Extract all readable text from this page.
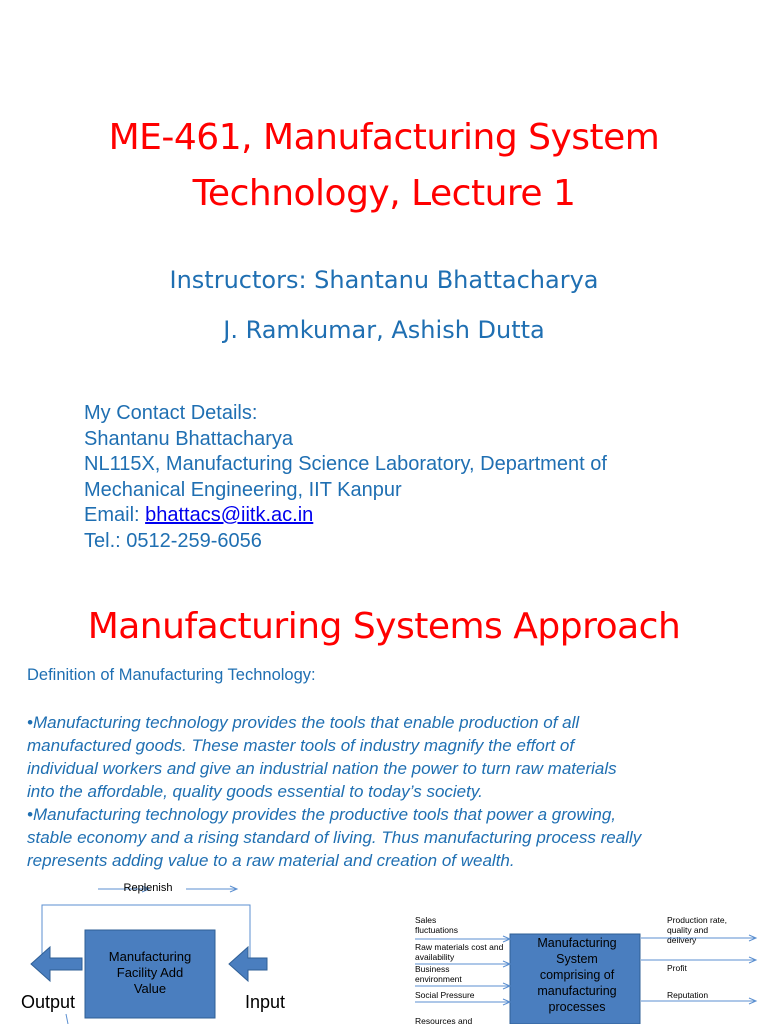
ME-461, Manufacturing System
Technology, Lecture 1
Instructors: Shantanu Bhattacharya
J. Ramkumar, Ashish Dutta
My Contact Details:
Shantanu Bhattacharya
NL115X, Manufacturing Science Laboratory, Department of
Mechanical Engineering, IIT Kanpur
Email: bhattacs@iitk.ac.in
Tel.: 0512-259-6056
Manufacturing Systems Approach
Definition of Manufacturing Technology:

•Manufacturing technology provides the tools that enable production of all

manufactured goods. These master tools of industry magnify the effort of

individual workers and give an industrial nation the power to turn raw materials

into the affordable, quality goods essential to today’s society.

•Manufacturing technology provides the productive tools that power a growing,

stable economy and a rising standard of living. Thus manufacturing process really

represents adding value to a raw material and creation of wealth.

Replenish
Manufacturing
Facility Add
Value
Output	Input
Manufacturing
System
comprising of
manufacturing
processes
Sales
fluctuations
Raw materials cost and
availability
Business
environment
Social Pressure
Resources and
Production rate,
quality and
delivery
Profit
Reputation
